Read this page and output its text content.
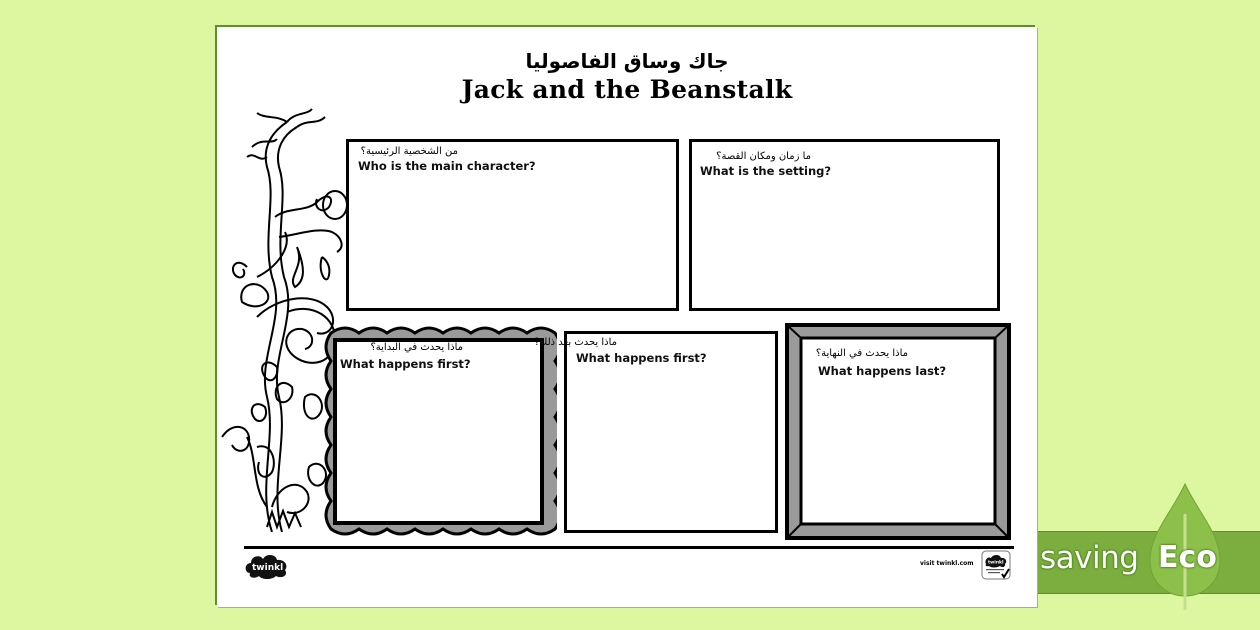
saving Eco
جاك وساق الفاصوليا
Jack and the Beanstalk
من الشخصية الرئيسية؟
Who is the main character?
ما زمان ومكان القصة؟
What is the setting?
ماذا يحدث في البداية؟
What happens first?
ماذا يحدث بعد ذلك؟
What happens first?	ماذا يحدث في النهاية؟
What happens last?
twinkl	visit twinkl.com	twinkl
